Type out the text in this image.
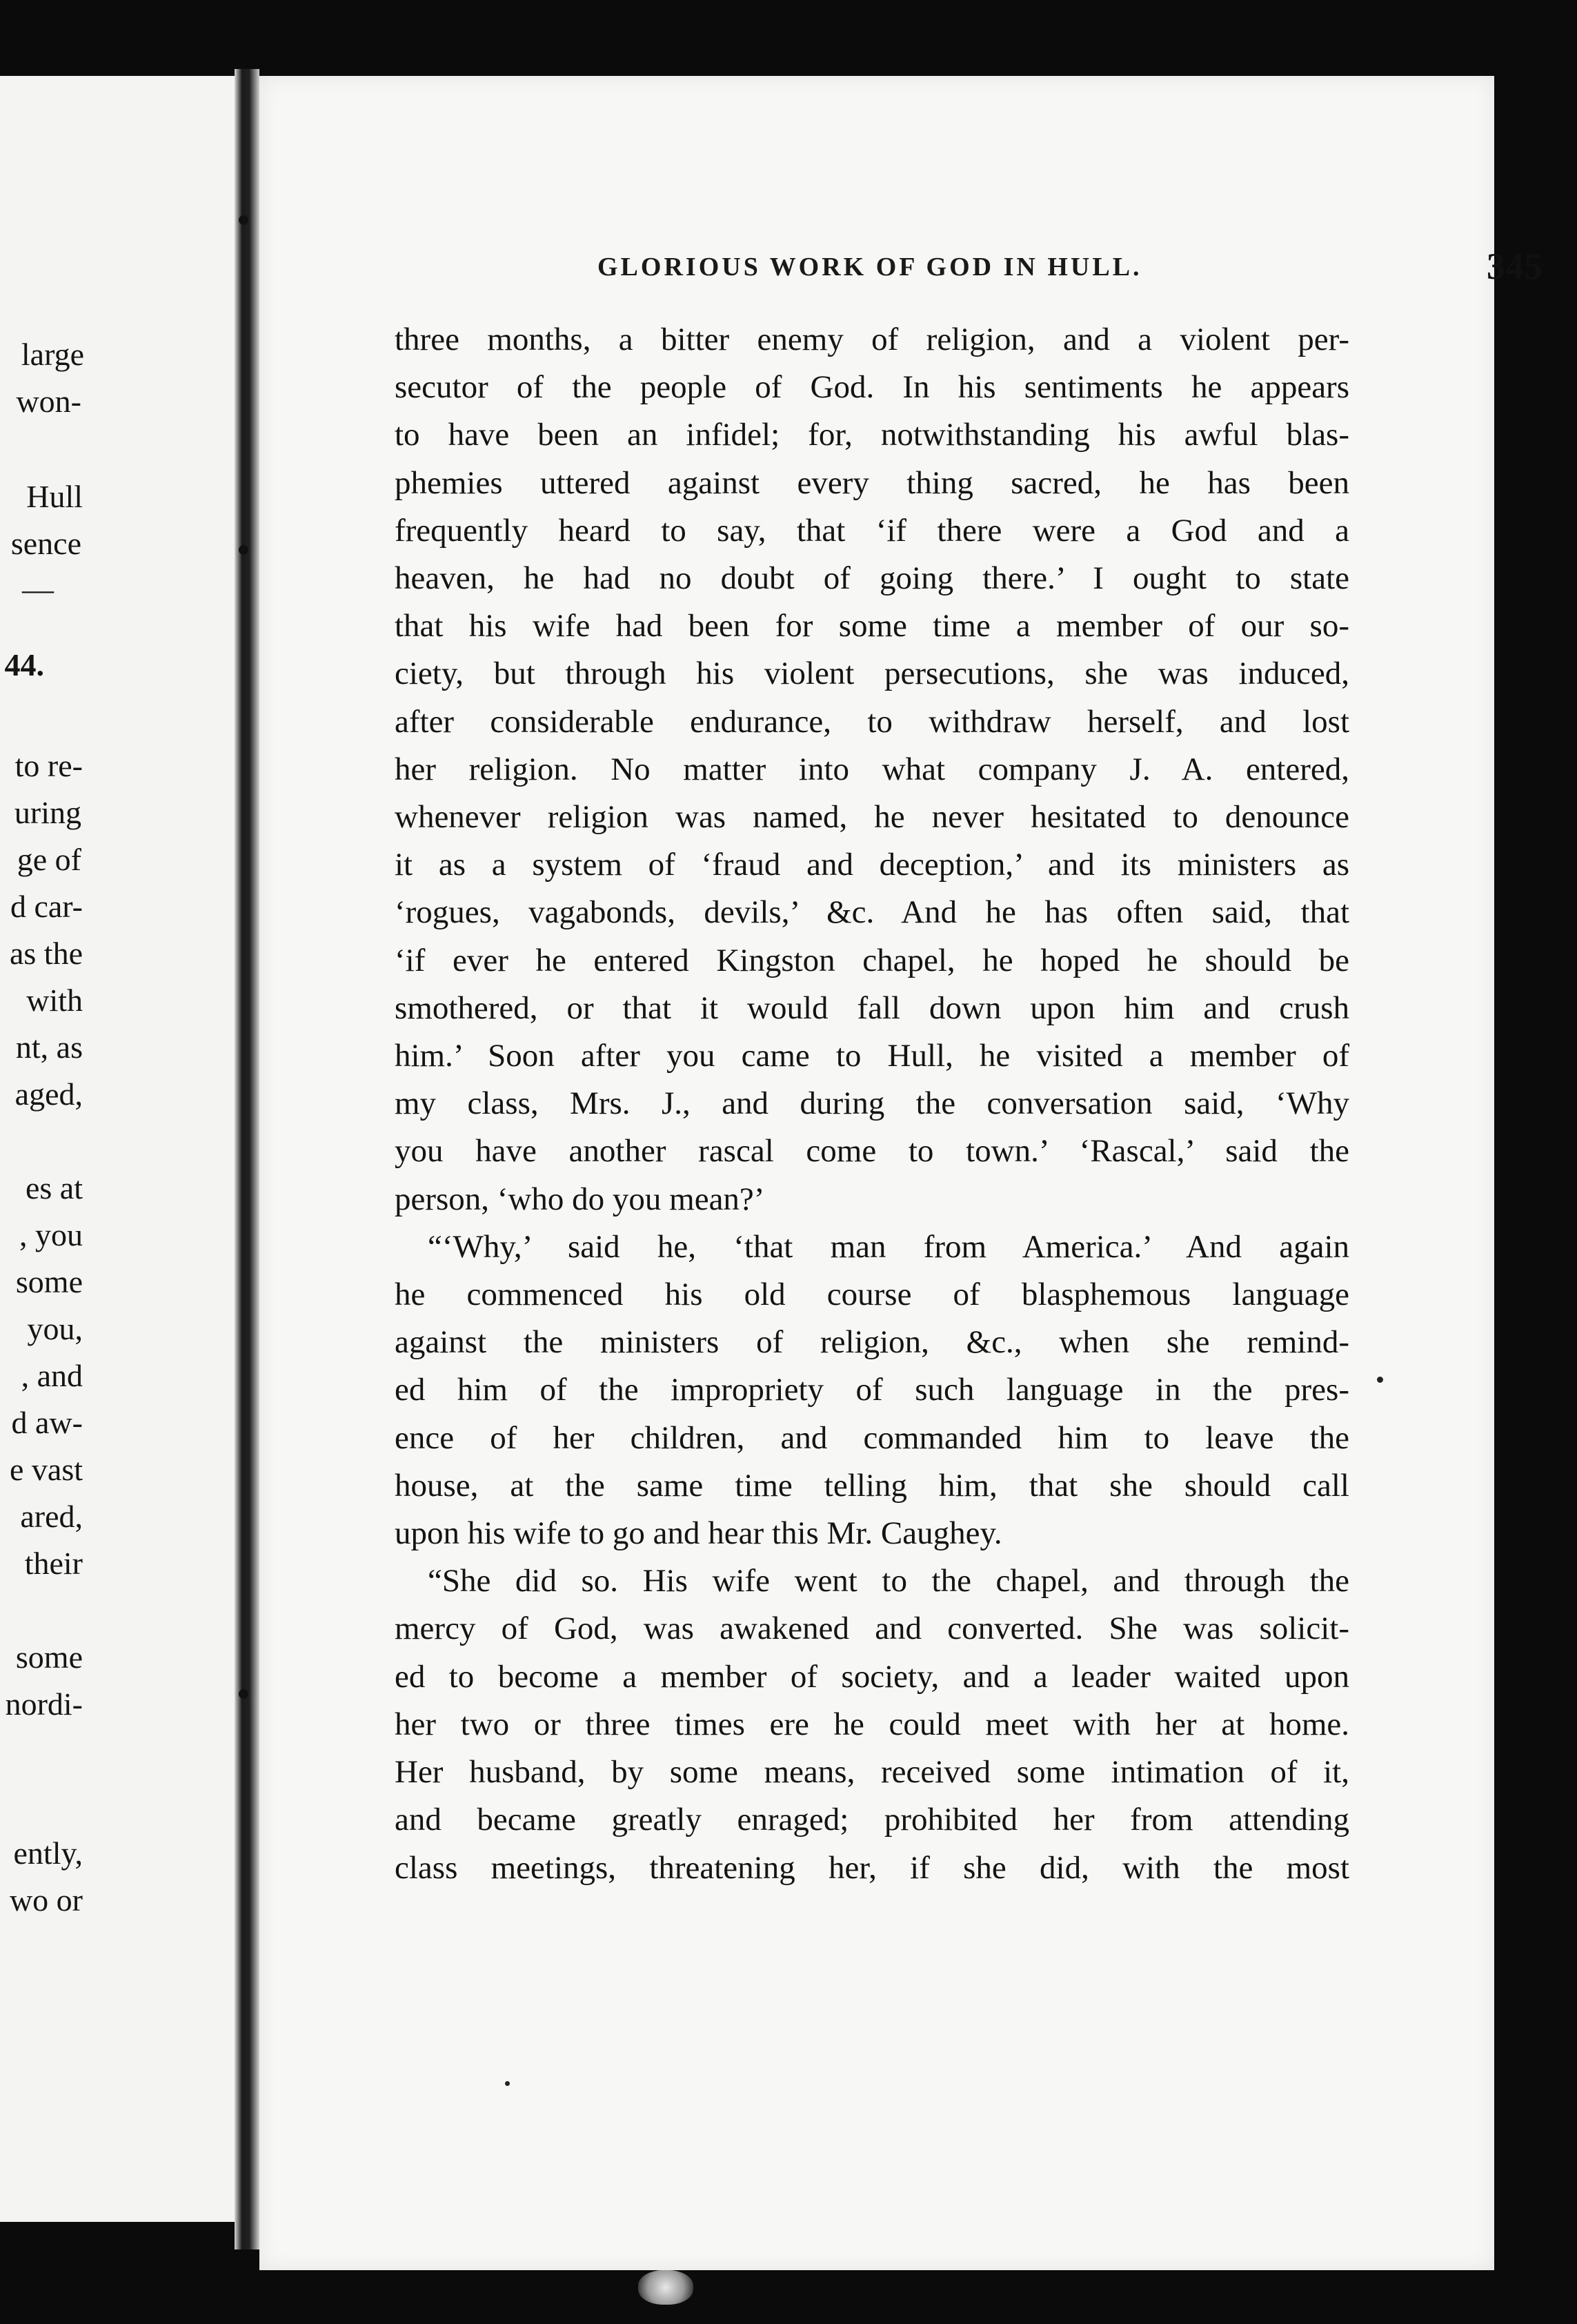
large
won-
Hull
sence
—
44.
to re-
uring
ge of
d car-
as the
with
nt, as
aged,
es at
, you
some
you,
, and
d aw-
e vast
ared,
their
some
nordi-
ently,
wo or
GLORIOUS WORK OF GOD IN HULL.	345
three months, a bitter enemy of religion, and a violent per-
secutor of the people of God. In his sentiments he appears
to have been an infidel; for, notwithstanding his awful blas-
phemies uttered against every thing sacred, he has been
frequently heard to say, that ‘if there were a God and a
heaven, he had no doubt of going there.’ I ought to state
that his wife had been for some time a member of our so-
ciety, but through his violent persecutions, she was induced,
after considerable endurance, to withdraw herself, and lost
her religion. No matter into what company J. A. entered,
whenever religion was named, he never hesitated to denounce
it as a system of ‘fraud and deception,’ and its ministers as
‘rogues, vagabonds, devils,’ &c. And he has often said, that
‘if ever he entered Kingston chapel, he hoped he should be
smothered, or that it would fall down upon him and crush
him.’ Soon after you came to Hull, he visited a member of
my class, Mrs. J., and during the conversation said, ‘Why
you have another rascal come to town.’ ‘Rascal,’ said the
person, ‘who do you mean?’
“‘Why,’ said he, ‘that man from America.’ And again
he commenced his old course of blasphemous language
against the ministers of religion, &c., when she remind-
ed him of the impropriety of such language in the pres-
ence of her children, and commanded him to leave the
house, at the same time telling him, that she should call
upon his wife to go and hear this Mr. Caughey.
“She did so. His wife went to the chapel, and through the
mercy of God, was awakened and converted. She was solicit-
ed to become a member of society, and a leader waited upon
her two or three times ere he could meet with her at home.
Her husband, by some means, received some intimation of it,
and became greatly enraged; prohibited her from attending
class meetings, threatening her, if she did, with the most
